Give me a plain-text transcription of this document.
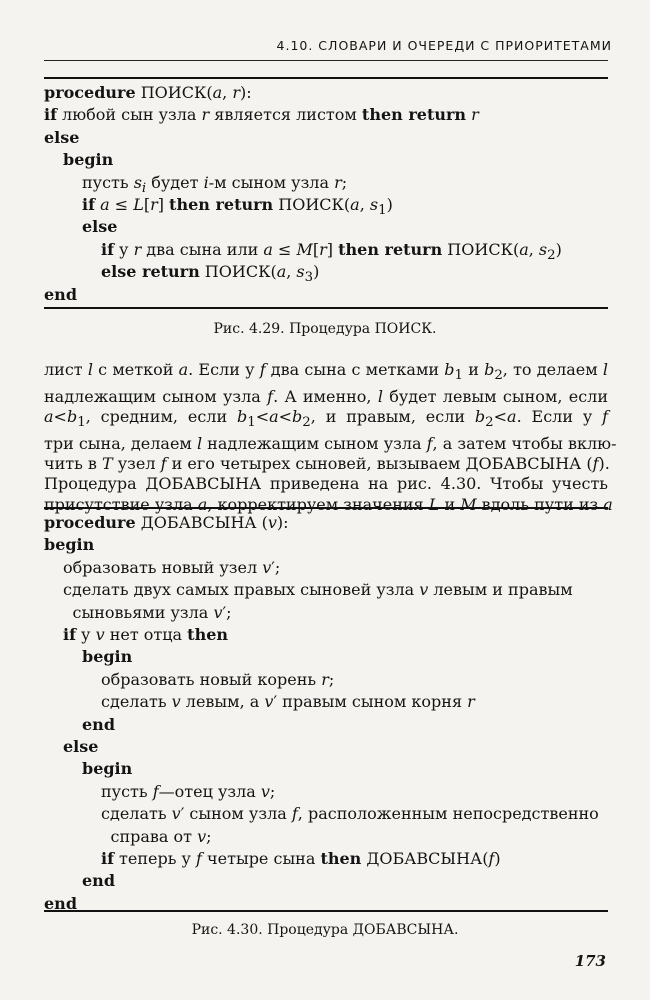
4.10. СЛОВАРИ И ОЧЕРЕДИ С ПРИОРИТЕТАМИ
procedure ПОИСК(a, r):
if любой сын узла r является листом then return r
else
begin
пусть $s_i$ будет i-м сыном узла r;
if a ≤ L[r] then return ПОИСК(a, $s_1$)
else
if у r два сына или a ≤ M[r] then return ПОИСК(a, $s_2$)
else return ПОИСК(a, $s_3$)
end
Рис. 4.29. Процедура ПОИСК.
лист l с меткой a. Если у f два сына с метками $b_1$ и $b_2$, то делаем l
надлежащим сыном узла f. А именно, l будет левым сыном, если
$a<b_1$, средним, если $b_1<a<b_2$, и правым, если $b_2<a$. Если у f
три сына, делаем l надлежащим сыном узла f, а затем чтобы вклю-
чить в T узел f и его четырех сыновей, вызываем ДОБАВСЫНА (f).
Процедура ДОБАВСЫНА приведена на рис. 4.30. Чтобы учесть
присутствие узла a, корректируем значения L и M вдоль пути из a
procedure ДОБАВСЫНА (v):
begin
образовать новый узел v′;
сделать двух самых правых сыновей узла v левым и правым
сыновьями узла v′;
if у v нет отца then
begin
образовать новый корень r;
сделать v левым, а v′ правым сыном корня r
end
else
begin
пусть f—отец узла v;
сделать v′ сыном узла f, расположенным непосредственно
справа от v;
if теперь у f четыре сына then ДОБАВСЫНА(f)
end
end
Рис. 4.30. Процедура ДОБАВСЫНА.
173
